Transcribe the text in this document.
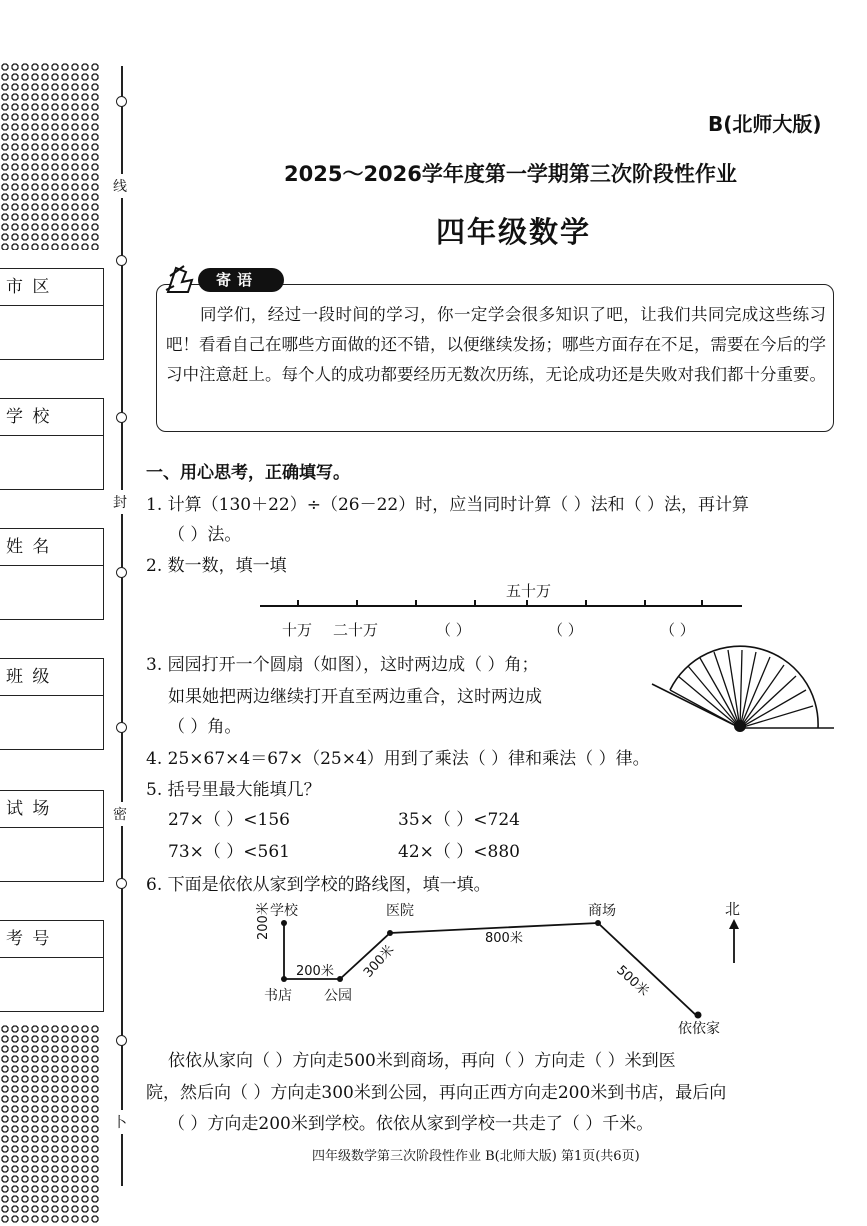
市 区
学 校
姓 名
班 级
试 场
考 号
线
封
密
卜
B(北师大版)
2025～2026学年度第一学期第三次阶段性作业
四年级数学
寄语
同学们，经过一段时间的学习，你一定学会很多知识了吧，让我们共同完成这些练习吧！看看自己在哪些方面做的还不错，以便继续发扬；哪些方面存在不足，需要在今后的学习中注意赶上。每个人的成功都要经历无数次历练，无论成功还是失败对我们都十分重要。
一、用心思考，正确填写。
1. 计算（130＋22）÷（26－22）时，应当同时计算（ ）法和（ ）法，再计算
（ ）法。
2. 数一数，填一填
五十万
十万 二十万	（ ）	（ ）	（ ）
3. 园园打开一个圆扇（如图），这时两边成（ ）角；
如果她把两边继续打开直至两边重合，这时两边成
（ ）角。
4. 25×67×4＝67×（25×4）用到了乘法（ ）律和乘法（ ）律。
5. 括号里最大能填几？
27×（ ）<156	35×（ ）<724
73×（ ）<561	42×（ ）<880
6. 下面是依依从家到学校的路线图，填一填。
学校	医院	商场	北
书店 公园
依依家
200米
800米
200米
300米
500米
依依从家向（ ）方向走500米到商场，再向（ ）方向走（ ）米到医
院，然后向（ ）方向走300米到公园，再向正西方向走200米到书店，最后向
（ ）方向走200米到学校。依依从家到学校一共走了（ ）千米。
四年级数学第三次阶段性作业 B(北师大版) 第1页(共6页)
